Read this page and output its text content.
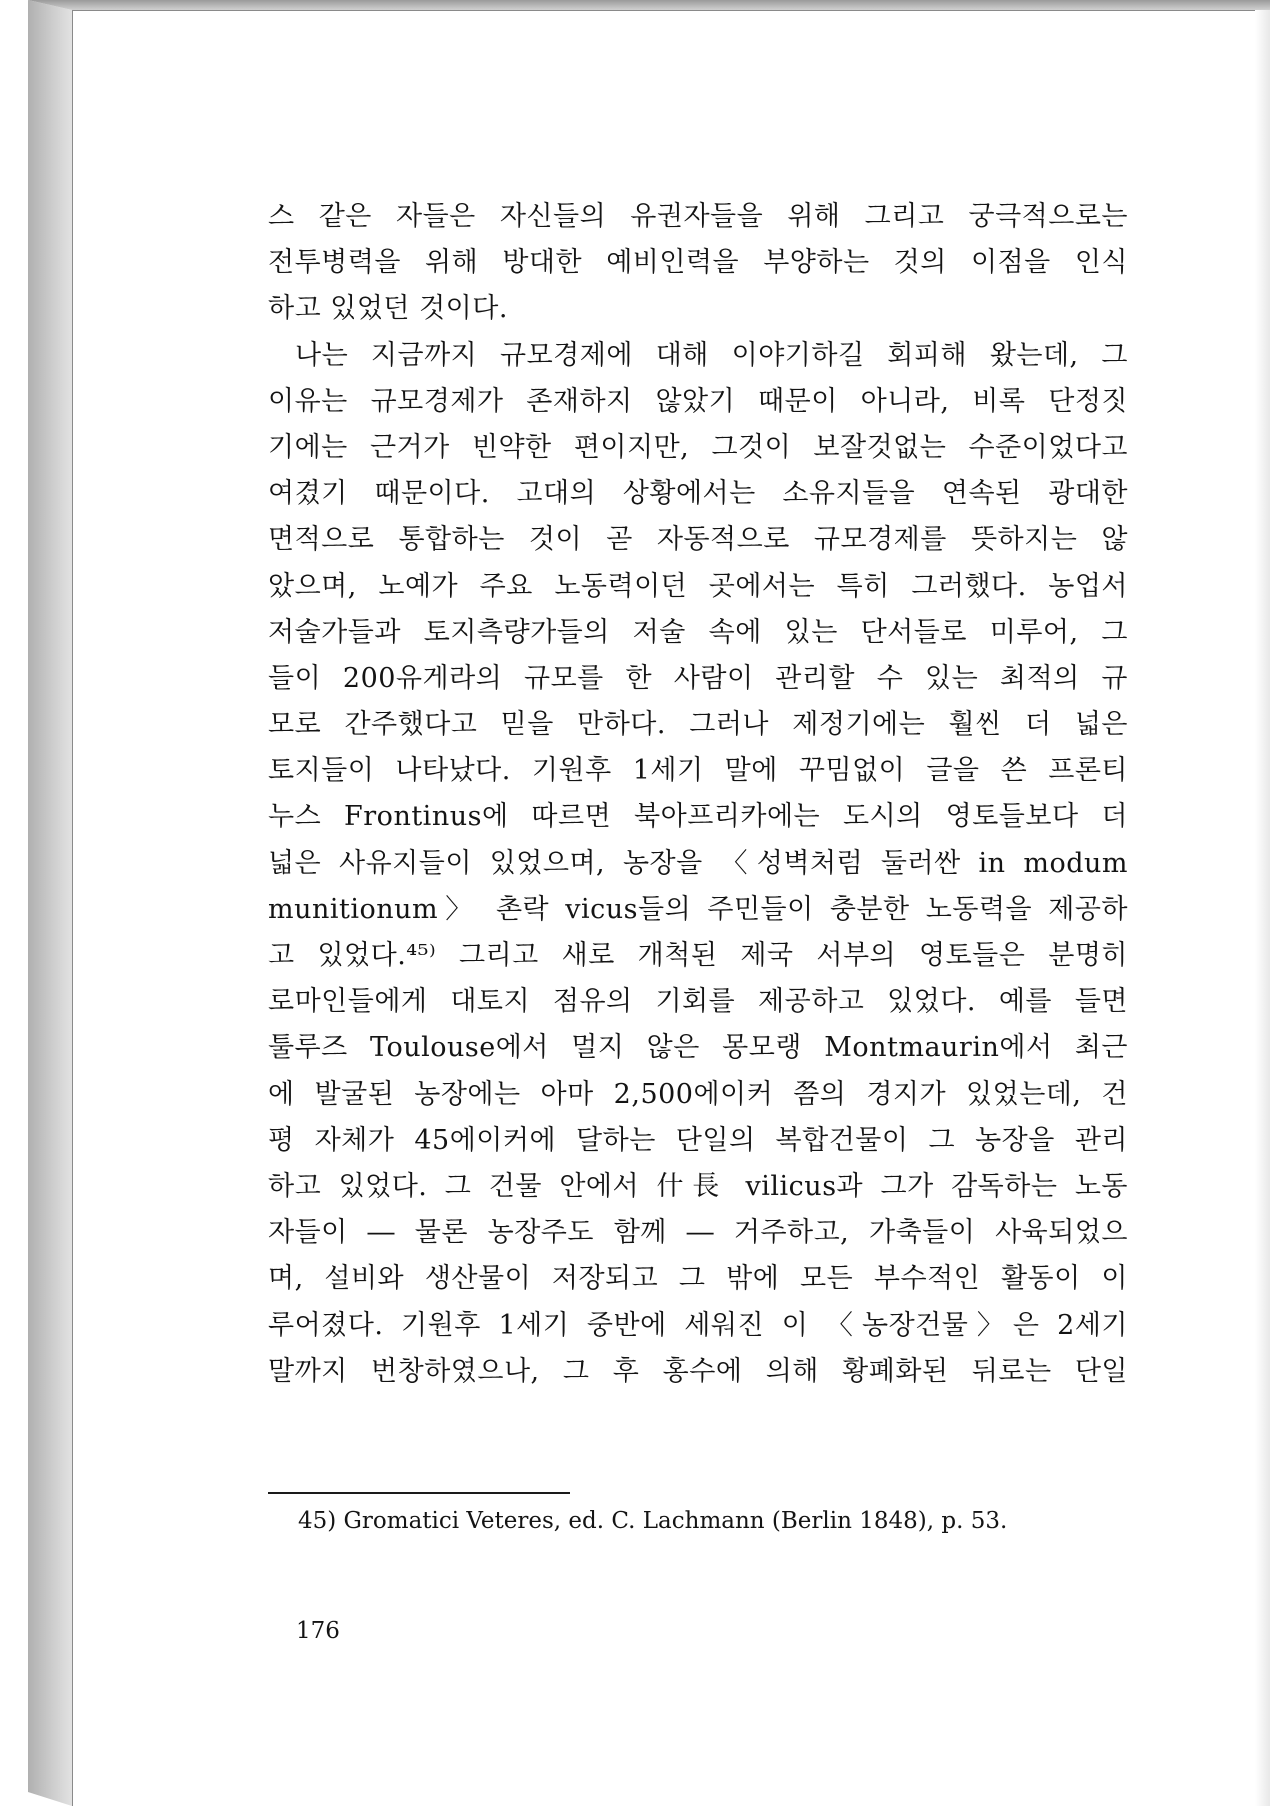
스 같은 자들은 자신들의 유권자들을 위해 그리고 궁극적으로는
전투병력을 위해 방대한 예비인력을 부양하는 것의 이점을 인식
하고 있었던 것이다.
나는 지금까지 규모경제에 대해 이야기하길 회피해 왔는데, 그
이유는 규모경제가 존재하지 않았기 때문이 아니라, 비록 단정짓
기에는 근거가 빈약한 편이지만, 그것이 보잘것없는 수준이었다고
여겼기 때문이다. 고대의 상황에서는 소유지들을 연속된 광대한
면적으로 통합하는 것이 곧 자동적으로 규모경제를 뜻하지는 않
았으며, 노예가 주요 노동력이던 곳에서는 특히 그러했다. 농업서
저술가들과 토지측량가들의 저술 속에 있는 단서들로 미루어, 그
들이 200유게라의 규모를 한 사람이 관리할 수 있는 최적의 규
모로 간주했다고 믿을 만하다. 그러나 제정기에는 훨씬 더 넓은
토지들이 나타났다. 기원후 1세기 말에 꾸밈없이 글을 쓴 프론티
누스 Frontinus에 따르면 북아프리카에는 도시의 영토들보다 더
넓은 사유지들이 있었으며, 농장을 〈성벽처럼 둘러싼 in modum
munitionum〉 촌락 vicus들의 주민들이 충분한 노동력을 제공하
고 있었다.⁴⁵⁾ 그리고 새로 개척된 제국 서부의 영토들은 분명히
로마인들에게 대토지 점유의 기회를 제공하고 있었다. 예를 들면
툴루즈 Toulouse에서 멀지 않은 몽모랭 Montmaurin에서 최근
에 발굴된 농장에는 아마 2,500에이커 쯤의 경지가 있었는데, 건
평 자체가 45에이커에 달하는 단일의 복합건물이 그 농장을 관리
하고 있었다. 그 건물 안에서 什長 vilicus과 그가 감독하는 노동
자들이 ― 물론 농장주도 함께 ― 거주하고, 가축들이 사육되었으
며, 설비와 생산물이 저장되고 그 밖에 모든 부수적인 활동이 이
루어졌다. 기원후 1세기 중반에 세워진 이 〈농장건물〉은 2세기
말까지 번창하였으나, 그 후 홍수에 의해 황폐화된 뒤로는 단일
45) Gromatici Veteres, ed. C. Lachmann (Berlin 1848), p. 53.
176
